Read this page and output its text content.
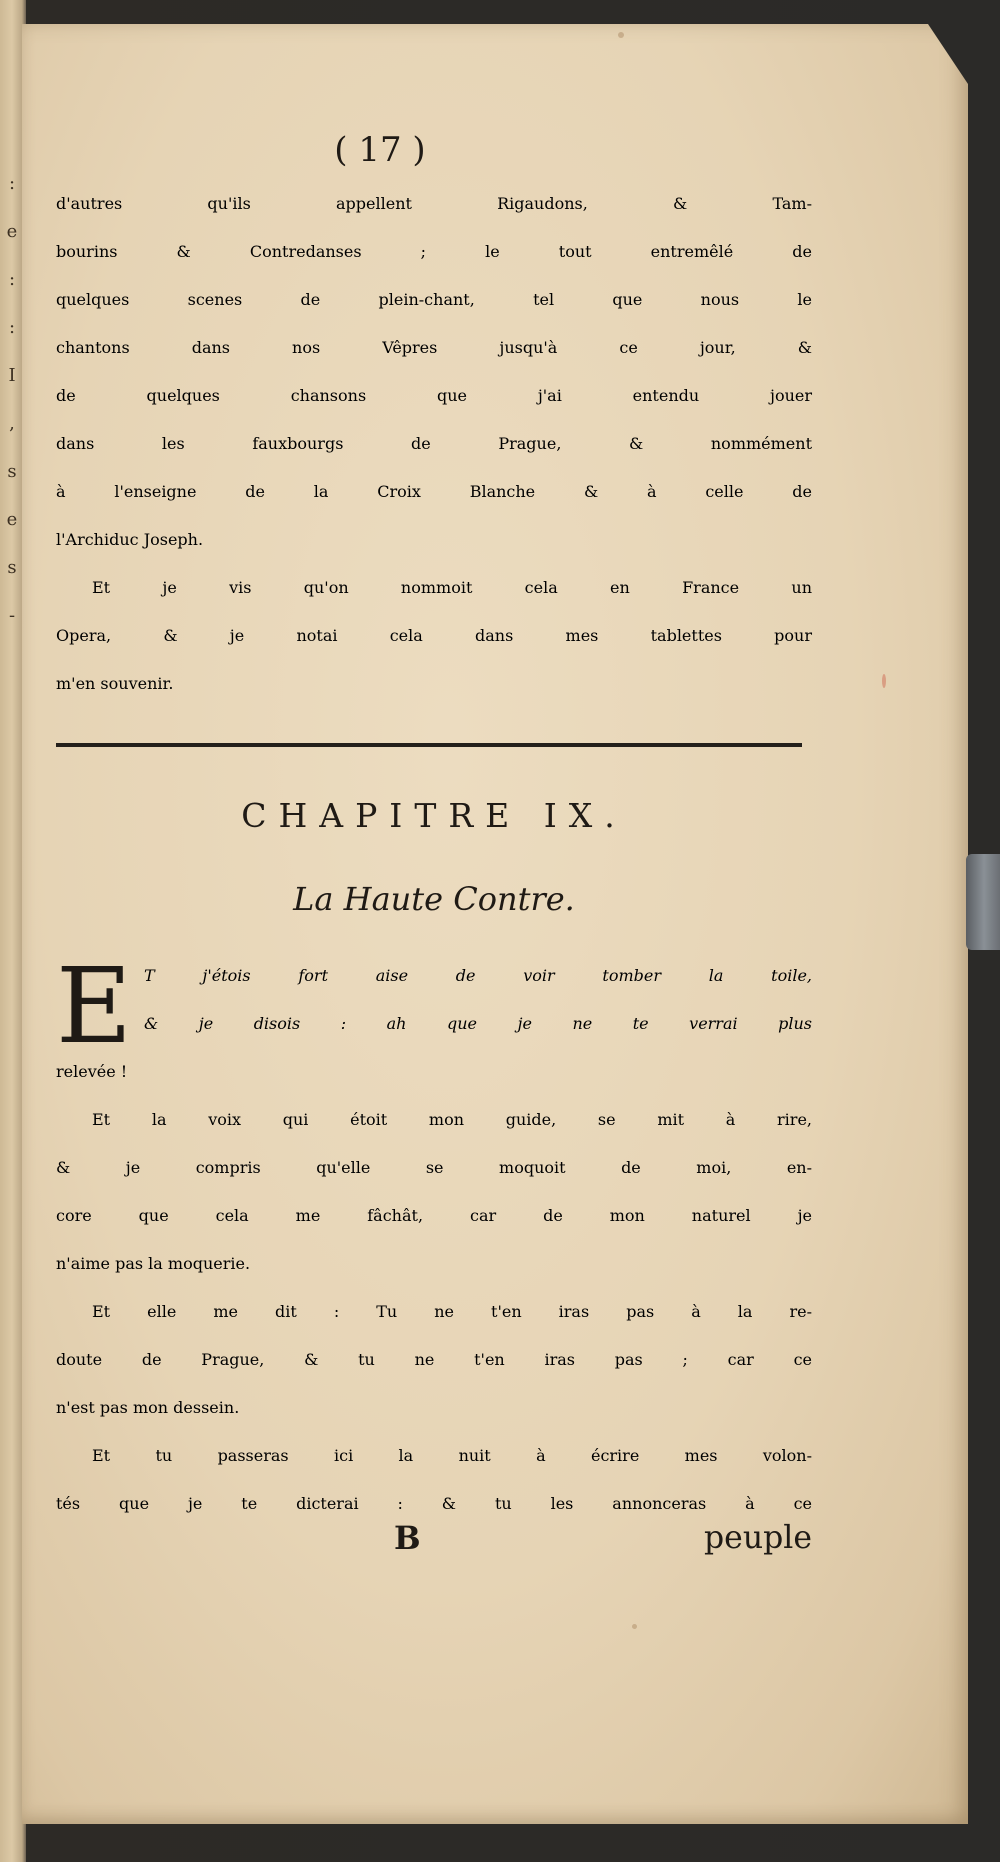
:
e
:
:
I
,
s
e
s
-
( 17 )
d'autres qu'ils appellent Rigaudons, & Tam-
bourins & Contredanses ; le tout entremêlé de
quelques scenes de plein-chant, tel que nous le
chantons dans nos Vêpres jusqu'à ce jour, &
de quelques chansons que j'ai entendu jouer
dans les fauxbourgs de Prague, & nommément
à l'enseigne de la Croix Blanche & à celle de
l'Archiduc Joseph.
Et je vis qu'on nommoit cela en France un
Opera, & je notai cela dans mes tablettes pour
m'en souvenir.
CHAPITRE IX.
La Haute Contre.
E T j'étois fort aise de voir tomber la toile,
& je disois : ah que je ne te verrai plus
relevée !
Et la voix qui étoit mon guide, se mit à rire,
& je compris qu'elle se moquoit de moi, en-
core que cela me fâchât, car de mon naturel je
n'aime pas la moquerie.
Et elle me dit : Tu ne t'en iras pas à la re-
doute de Prague, & tu ne t'en iras pas ; car ce
n'est pas mon dessein.
Et tu passeras ici la nuit à écrire mes volon-
tés que je te dicterai : & tu les annonceras à ce
B	peuple
